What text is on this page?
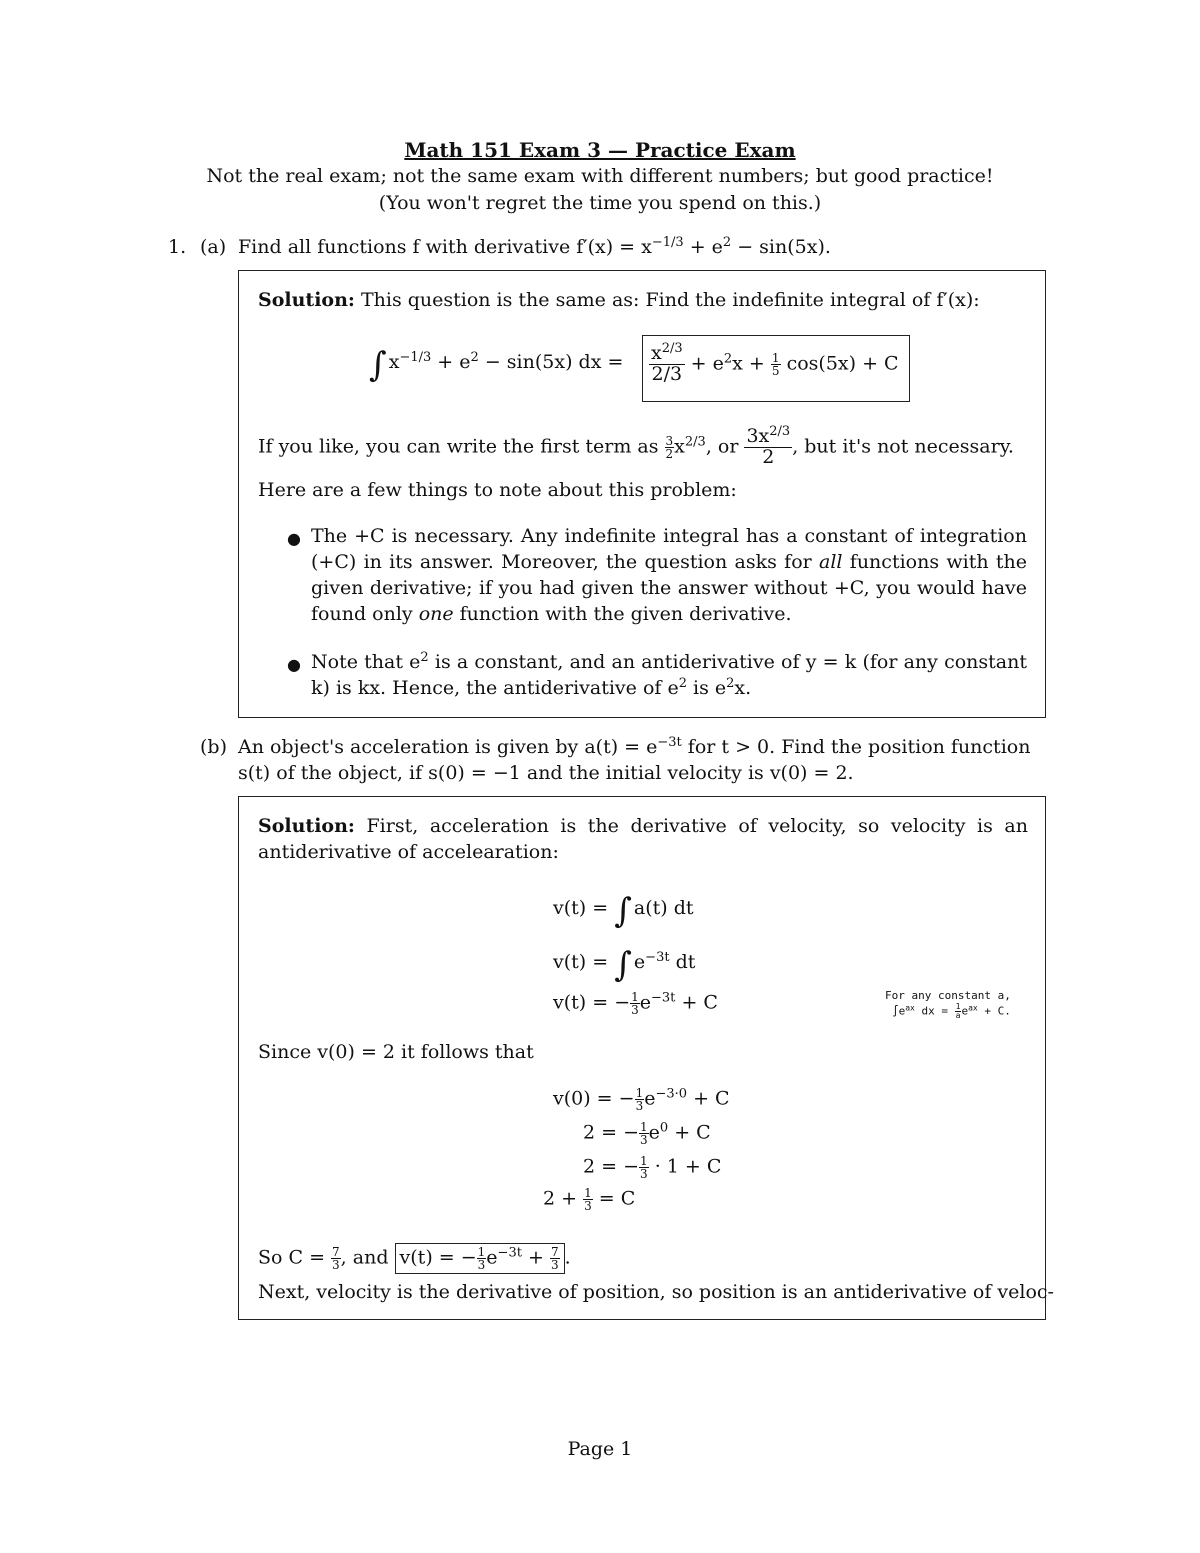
Math 151 Exam 3 — Practice Exam
Not the real exam; not the same exam with different numbers; but good practice!
(You won't regret the time you spend on this.)
1. (a) Find all functions f with derivative $f'(x) = x^{-1/3} + e^2 - \sin(5x)$.
Solution: This question is the same as: Find the indefinite integral of f′(x):
∫ $x^{-1/3} + e^2 - \sin(5x)$ dx = $\frac{x^{2/3}}{2/3} + e^2x + \frac{1}{5} \cos(5x) + C$
If you like, you can write the first term as $\frac{3}{2} x^{2/3}$, or $\frac{3x^{2/3}}{2}$ , but it's not necessary.
Here are a few things to note about this problem:
● The +C is necessary. Any indefinite integral has a constant of integration (+C) in its answer. Moreover, the question asks for all functions with the given derivative; if you had given the answer without +C, you would have found only one function with the given derivative.
● Note that $e^2$ is a constant, and an antiderivative of y = k (for any constant k) is kx. Hence, the antiderivative of $e^2$ is $e^2x$.
(b) An object's acceleration is given by $a(t) = e^{-3t}$ for t > 0. Find the position function
s(t) of the object, if s(0) = −1 and the initial velocity is v(0) = 2.
Solution: First, acceleration is the derivative of velocity, so velocity is an antiderivative of accelearation:
v(t) = ∫ a(t) dt
v(t) = ∫ $e^{-3t}$ dt
v(t) = − $\frac{1}{3} e^{-3t} + C$	For any constant a,
$\int e^{ax}$ dx = $\frac{1}{a} e^{ax} + C$.
Since v(0) = 2 it follows that
v(0) = − $\frac{1}{3} e^{-3\cdot 0} + C$
2 = − $\frac{1}{3} e^0 + C$
2 = − $\frac{1}{3} \cdot 1 + C$
$2 + \frac{1}{3} = C$
So $C = \frac{7}{3}$ , and v(t) = − $\frac{1}{3} e^{-3t} + \frac{7}{3}$ .
Next, velocity is the derivative of position, so position is an antiderivative of veloc-
Page 1
